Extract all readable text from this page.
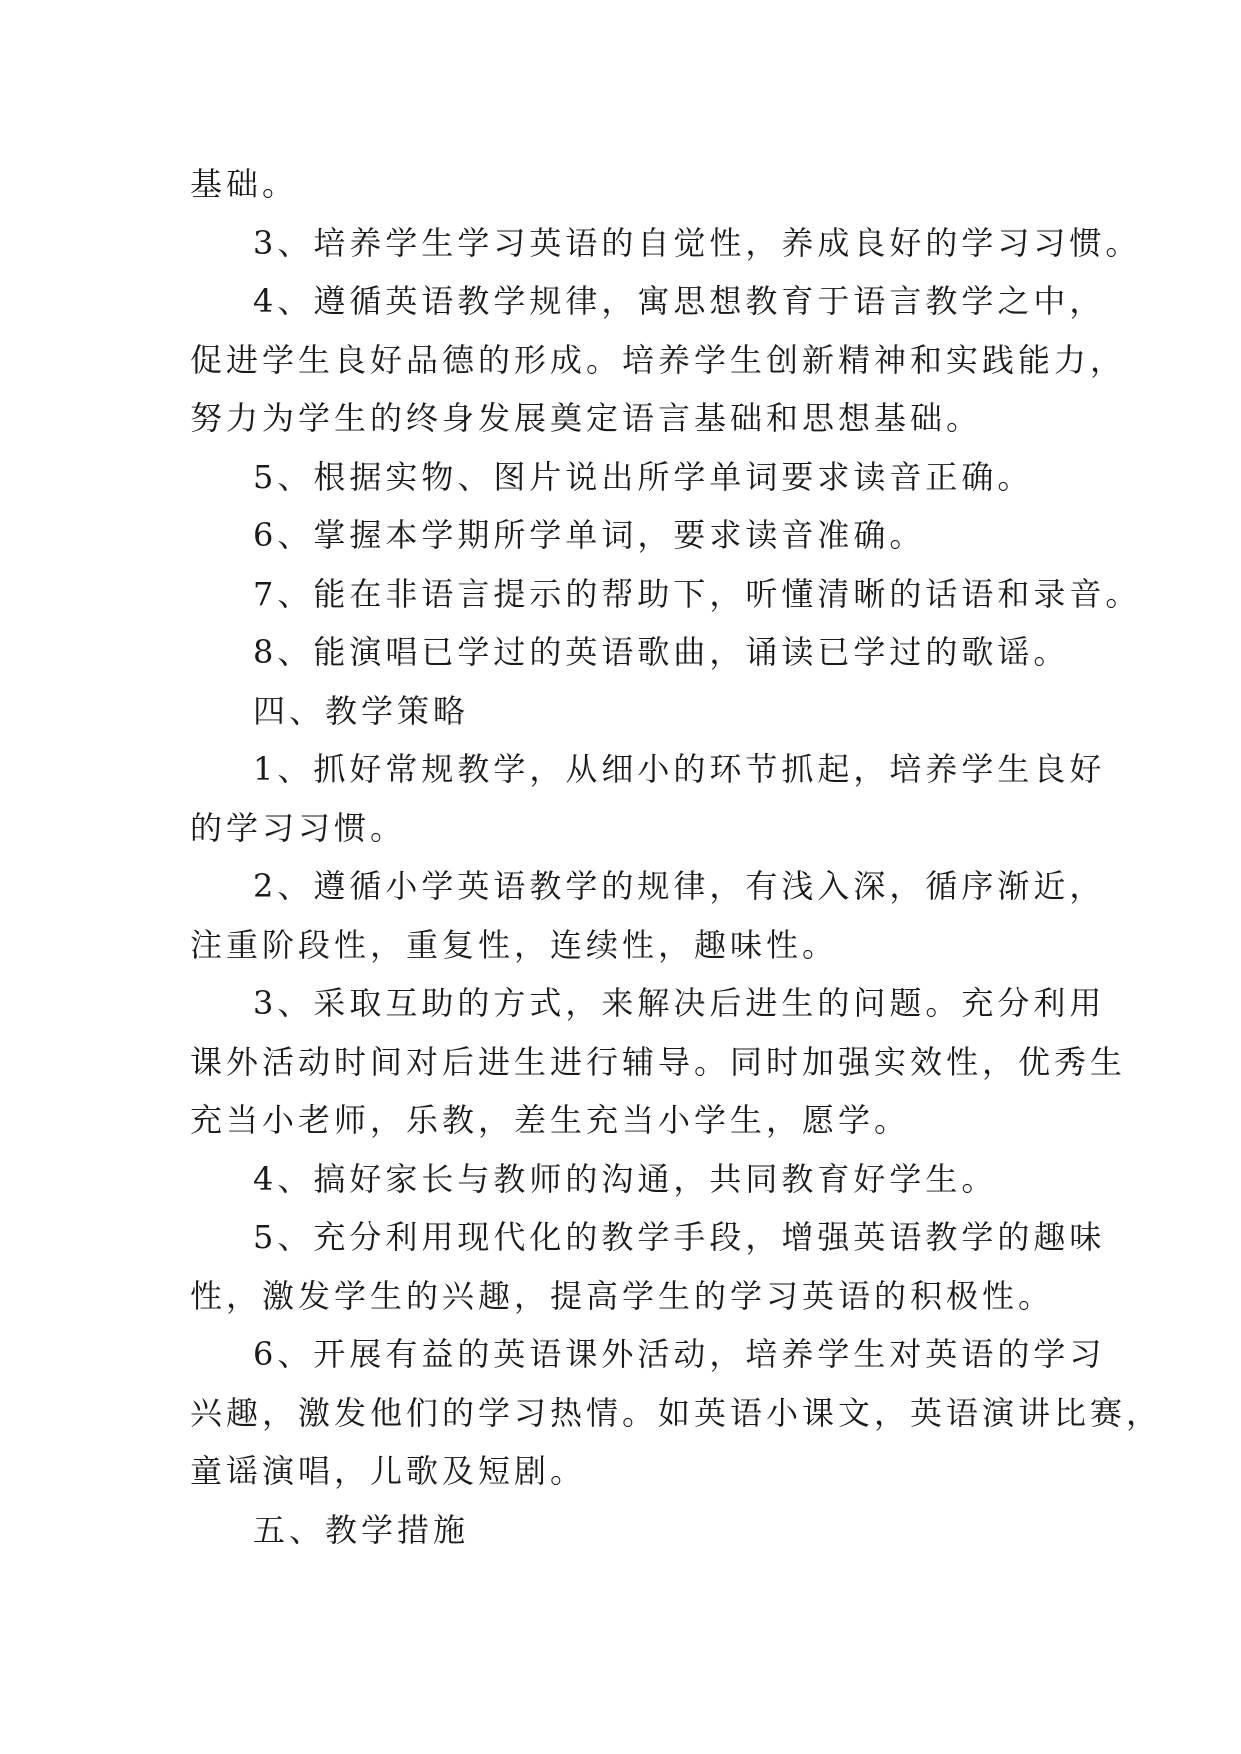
基础。

3、培养学生学习英语的自觉性，养成良好的学习习惯。

4、遵循英语教学规律，寓思想教育于语言教学之中，

促进学生良好品德的形成。培养学生创新精神和实践能力，

努力为学生的终身发展奠定语言基础和思想基础。

5、根据实物、图片说出所学单词要求读音正确。

6、掌握本学期所学单词，要求读音准确。

7、能在非语言提示的帮助下，听懂清晰的话语和录音。

8、能演唱已学过的英语歌曲，诵读已学过的歌谣。

四、教学策略

1、抓好常规教学，从细小的环节抓起，培养学生良好

的学习习惯。

2、遵循小学英语教学的规律，有浅入深，循序渐近，

注重阶段性，重复性，连续性，趣味性。

3、采取互助的方式，来解决后进生的问题。充分利用

课外活动时间对后进生进行辅导。同时加强实效性，优秀生

充当小老师，乐教，差生充当小学生，愿学。

4、搞好家长与教师的沟通，共同教育好学生。

5、充分利用现代化的教学手段，增强英语教学的趣味

性，激发学生的兴趣，提高学生的学习英语的积极性。

6、开展有益的英语课外活动，培养学生对英语的学习

兴趣，激发他们的学习热情。如英语小课文，英语演讲比赛，

童谣演唱，儿歌及短剧。

五、教学措施
